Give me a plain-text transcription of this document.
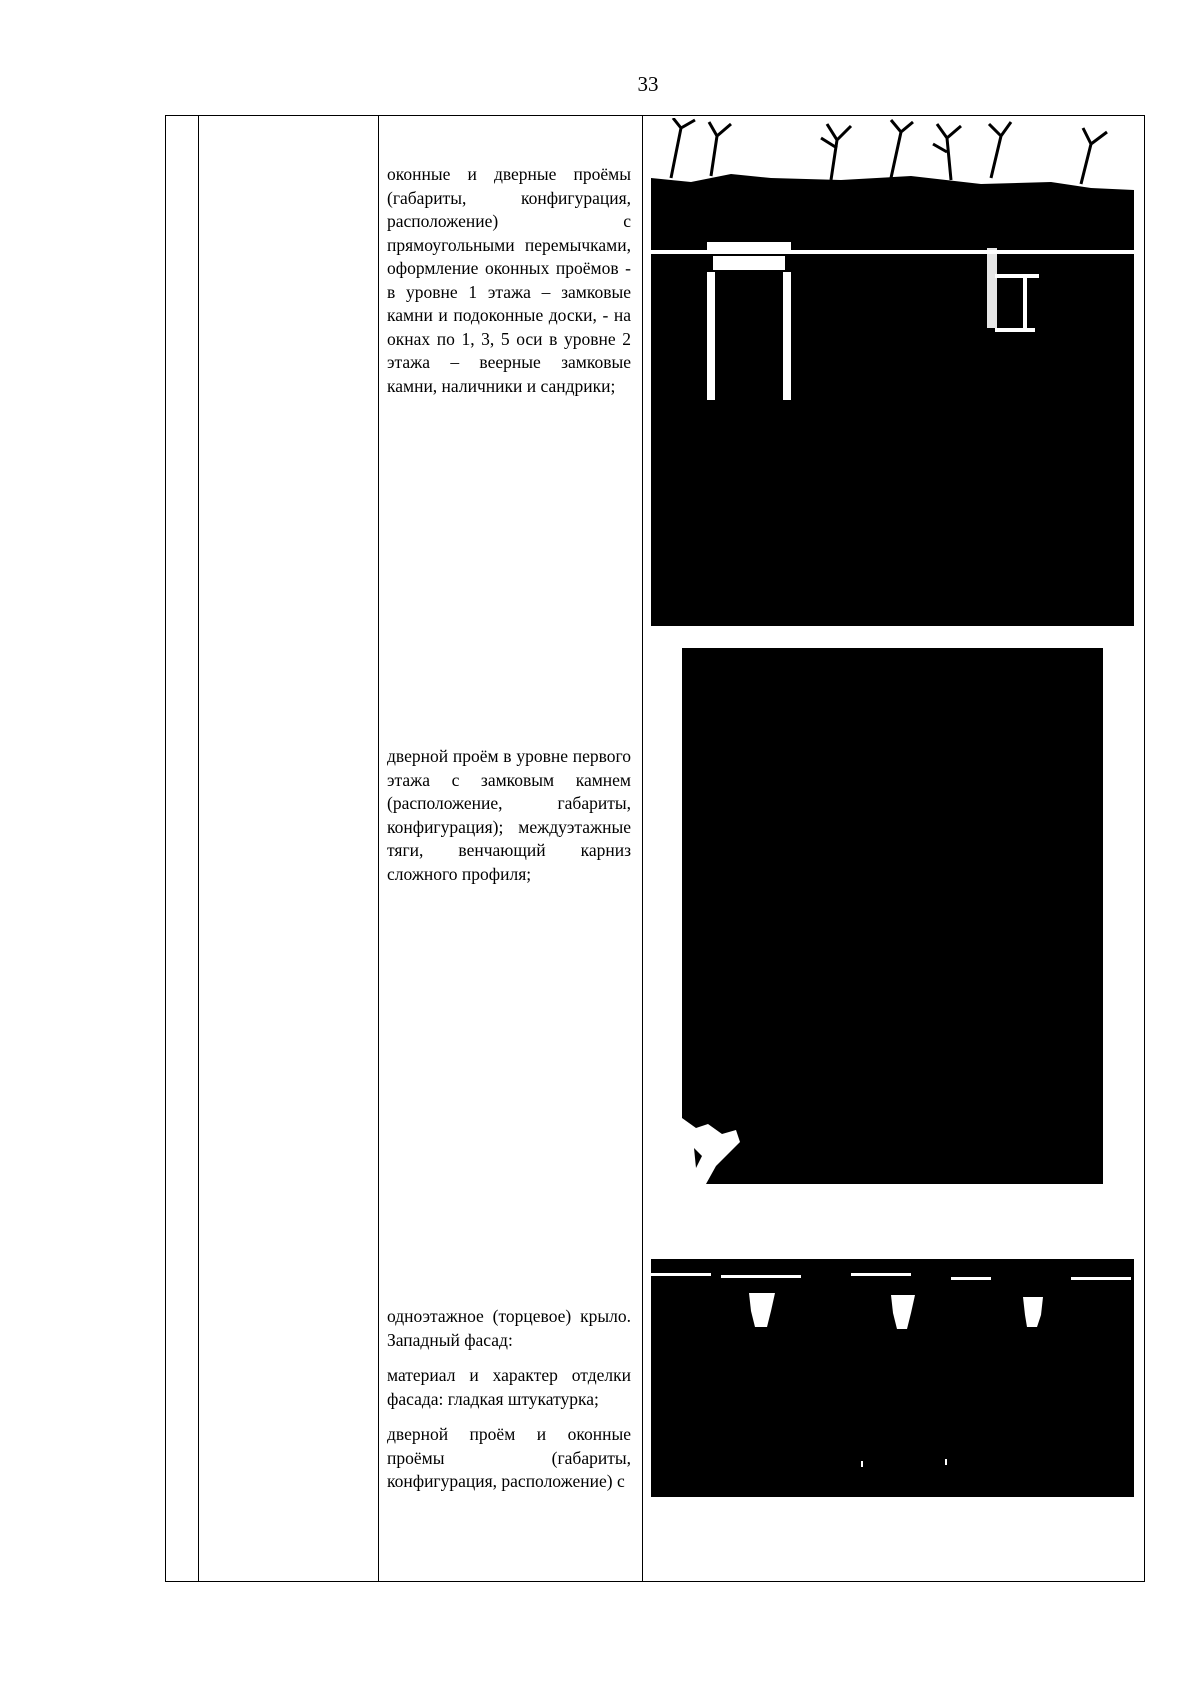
33

оконные и дверные проёмы (габариты, конфигурация, расположение) с прямоугольными перемычками, оформление оконных проёмов - в уровне 1 этажа – замковые камни и подоконные доски, - на окнах по 1, 3, 5 оси в уровне 2 этажа – веерные замковые камни, наличники и сандрики;

дверной проём в уровне первого этажа с замковым камнем (расположение, габариты, конфигурация); междуэтажные тяги, венчающий карниз сложного профиля;

одноэтажное (торцевое) крыло. Западный фасад:

материал и характер отделки фасада: гладкая штукатурка;

дверной проём и оконные проёмы (габариты, конфигурация, расположение) с
